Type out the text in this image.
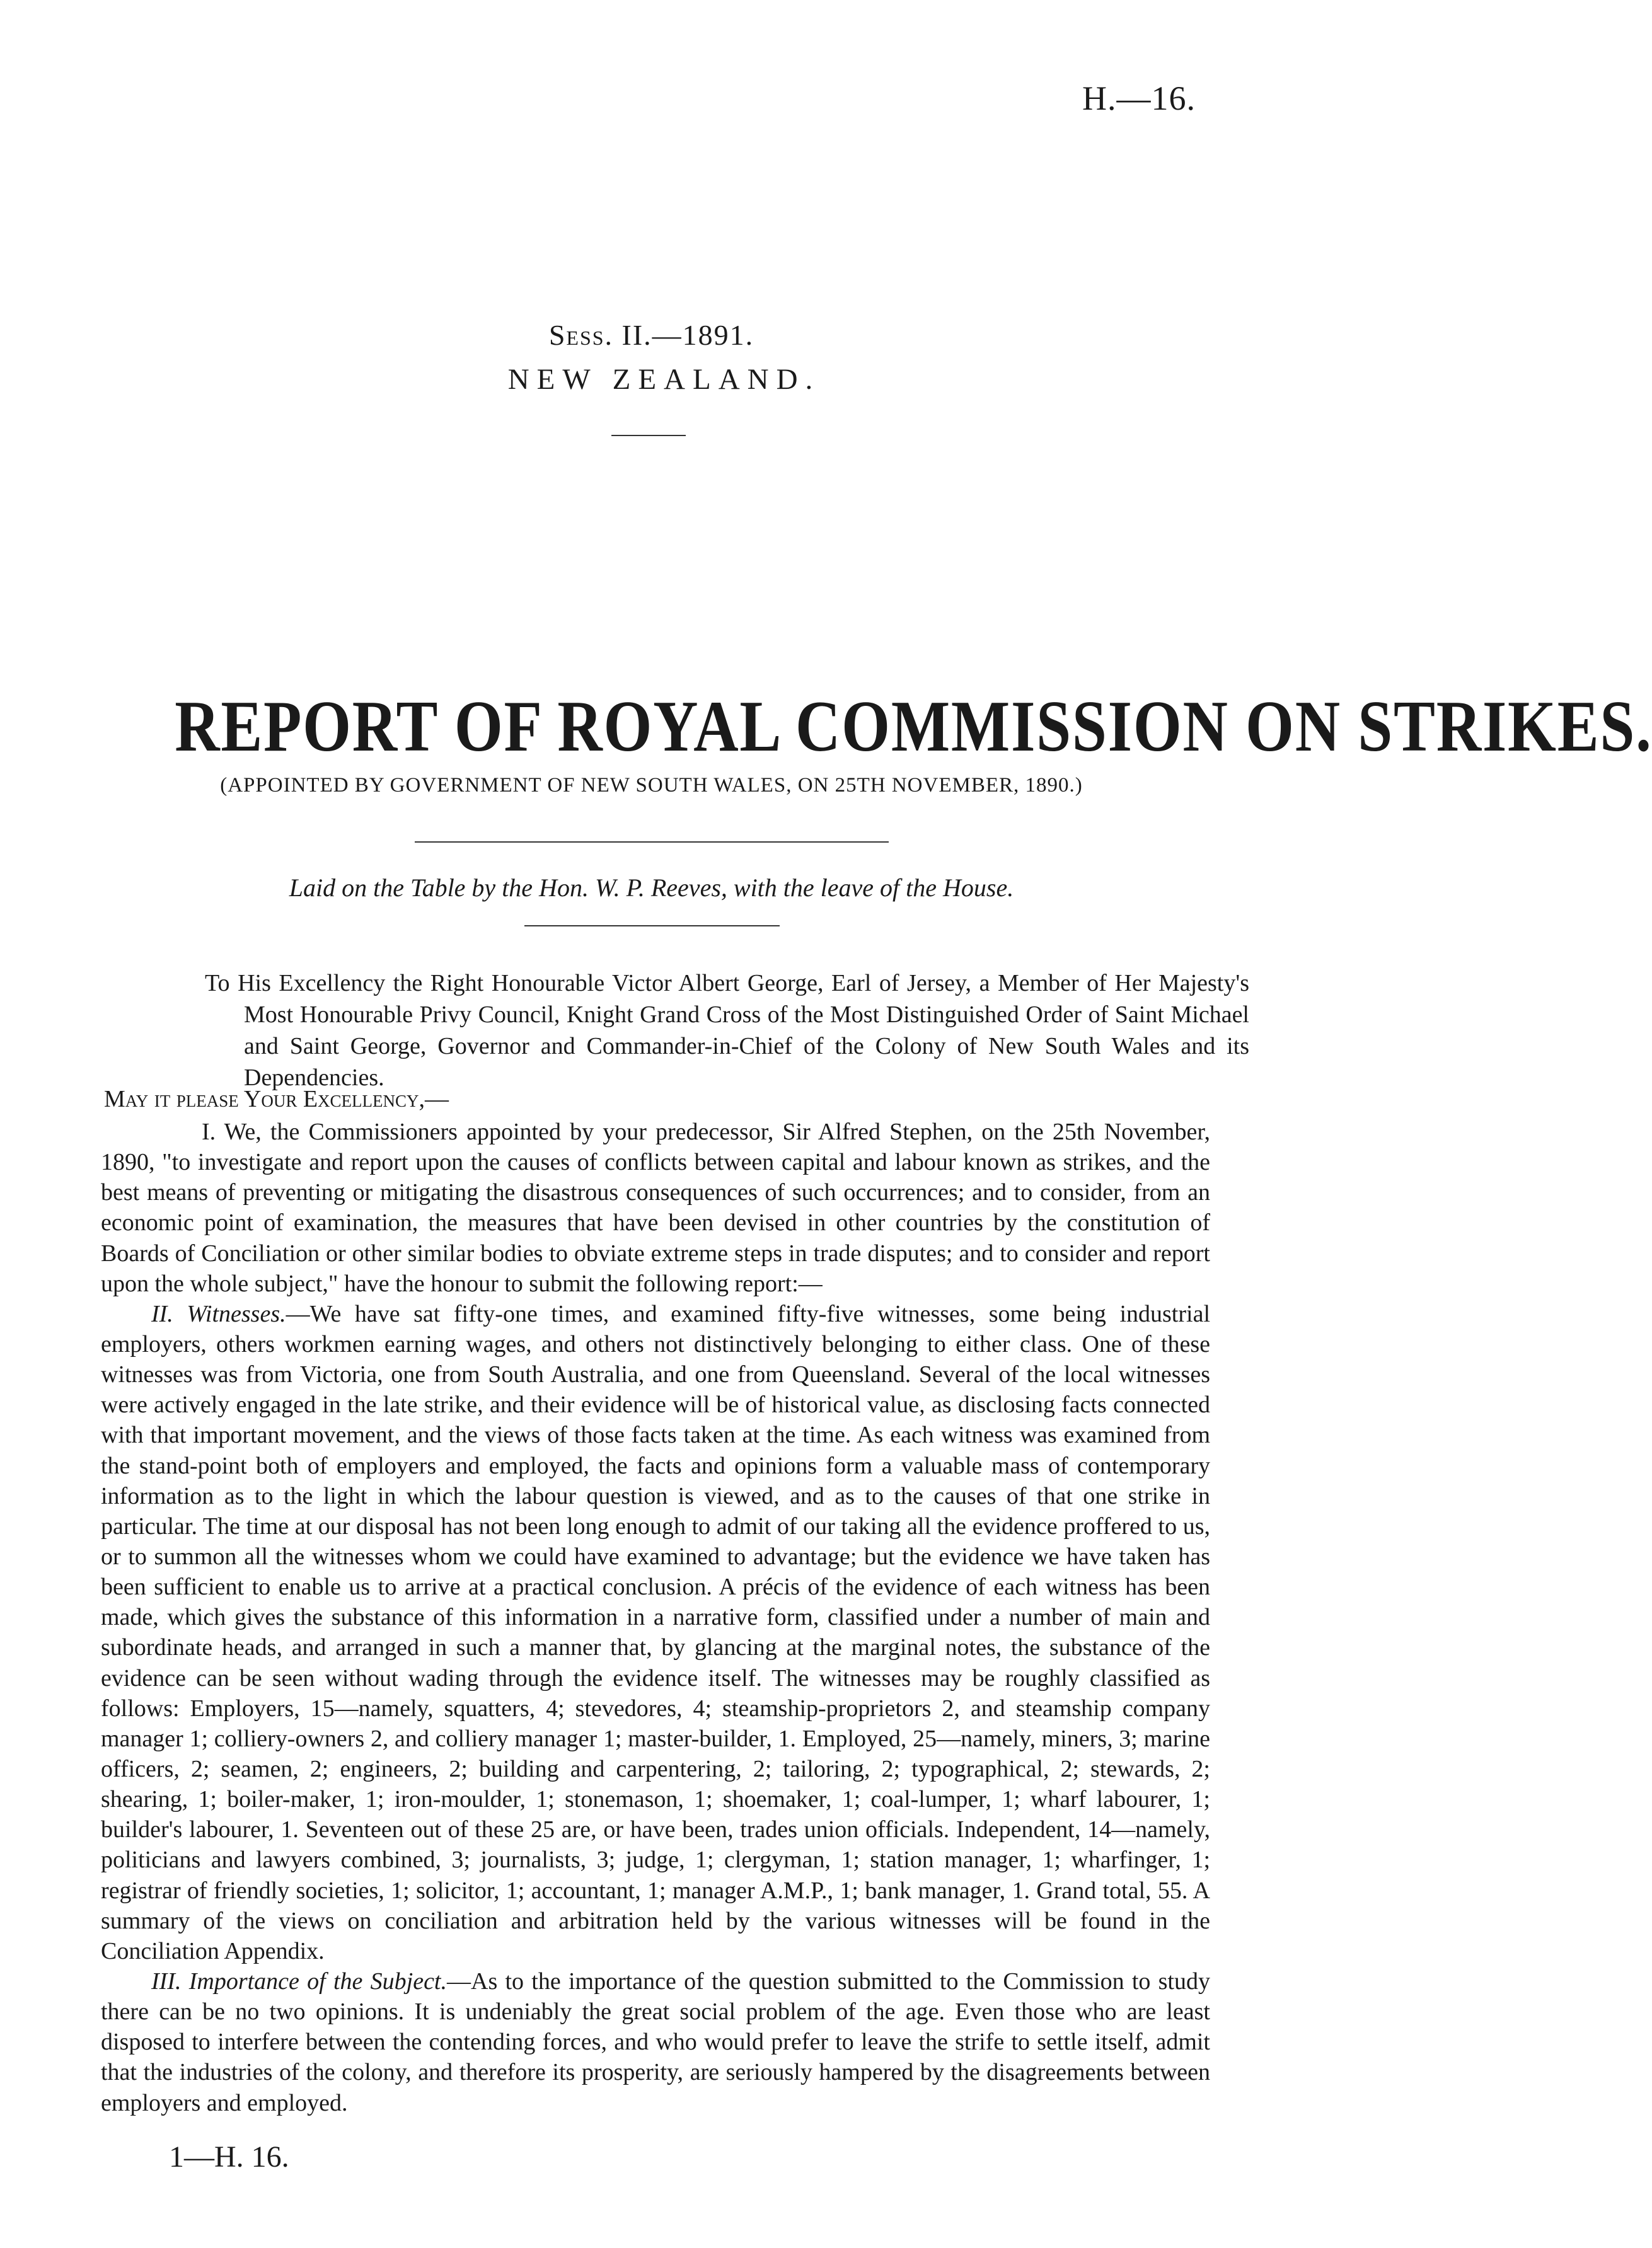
H.—16.
Sess. II.—1891.
NEW ZEALAND.
REPORT OF ROYAL COMMISSION ON STRIKES.
(APPOINTED BY GOVERNMENT OF NEW SOUTH WALES, ON 25TH NOVEMBER, 1890.)
Laid on the Table by the Hon. W. P. Reeves, with the leave of the House.
To His Excellency the Right Honourable Victor Albert George, Earl of Jersey, a Member of Her Majesty's Most Honourable Privy Council, Knight Grand Cross of the Most Distinguished Order of Saint Michael and Saint George, Governor and Commander-in-Chief of the Colony of New South Wales and its Dependencies.
May it please Your Excellency,—

I. We, the Commissioners appointed by your predecessor, Sir Alfred Stephen, on the 25th November, 1890, "to investigate and report upon the causes of conflicts between capital and labour known as strikes, and the best means of preventing or mitigating the disastrous consequences of such occurrences; and to consider, from an economic point of examination, the measures that have been devised in other countries by the constitution of Boards of Conciliation or other similar bodies to obviate extreme steps in trade disputes; and to consider and report upon the whole subject," have the honour to submit the following report:—

II. Witnesses.—We have sat fifty-one times, and examined fifty-five witnesses, some being industrial employers, others workmen earning wages, and others not distinctively belonging to either class. One of these witnesses was from Victoria, one from South Australia, and one from Queensland. Several of the local witnesses were actively engaged in the late strike, and their evidence will be of historical value, as disclosing facts connected with that important movement, and the views of those facts taken at the time. As each witness was examined from the stand-point both of employers and employed, the facts and opinions form a valuable mass of contemporary information as to the light in which the labour question is viewed, and as to the causes of that one strike in particular. The time at our disposal has not been long enough to admit of our taking all the evidence proffered to us, or to summon all the witnesses whom we could have examined to advantage; but the evidence we have taken has been sufficient to enable us to arrive at a practical conclusion. A précis of the evidence of each witness has been made, which gives the substance of this information in a narrative form, classified under a number of main and subordinate heads, and arranged in such a manner that, by glancing at the marginal notes, the substance of the evidence can be seen without wading through the evidence itself. The witnesses may be roughly classified as follows: Employers, 15—namely, squatters, 4; stevedores, 4; steamship-proprietors 2, and steamship company manager 1; colliery-owners 2, and colliery manager 1; master-builder, 1. Employed, 25—namely, miners, 3; marine officers, 2; seamen, 2; engineers, 2; building and carpentering, 2; tailoring, 2; typographical, 2; stewards, 2; shearing, 1; boiler-maker, 1; iron-moulder, 1; stonemason, 1; shoemaker, 1; coal-lumper, 1; wharf labourer, 1; builder's labourer, 1. Seventeen out of these 25 are, or have been, trades union officials. Independent, 14—namely, politicians and lawyers combined, 3; journalists, 3; judge, 1; clergyman, 1; station manager, 1; wharfinger, 1; registrar of friendly societies, 1; solicitor, 1; accountant, 1; manager A.M.P., 1; bank manager, 1. Grand total, 55. A summary of the views on conciliation and arbitration held by the various witnesses will be found in the Conciliation Appendix.

III. Importance of the Subject.—As to the importance of the question submitted to the Commission to study there can be no two opinions. It is undeniably the great social problem of the age. Even those who are least disposed to interfere between the contending forces, and who would prefer to leave the strife to settle itself, admit that the industries of the colony, and therefore its prosperity, are seriously hampered by the disagreements between employers and employed.

1—H. 16.
